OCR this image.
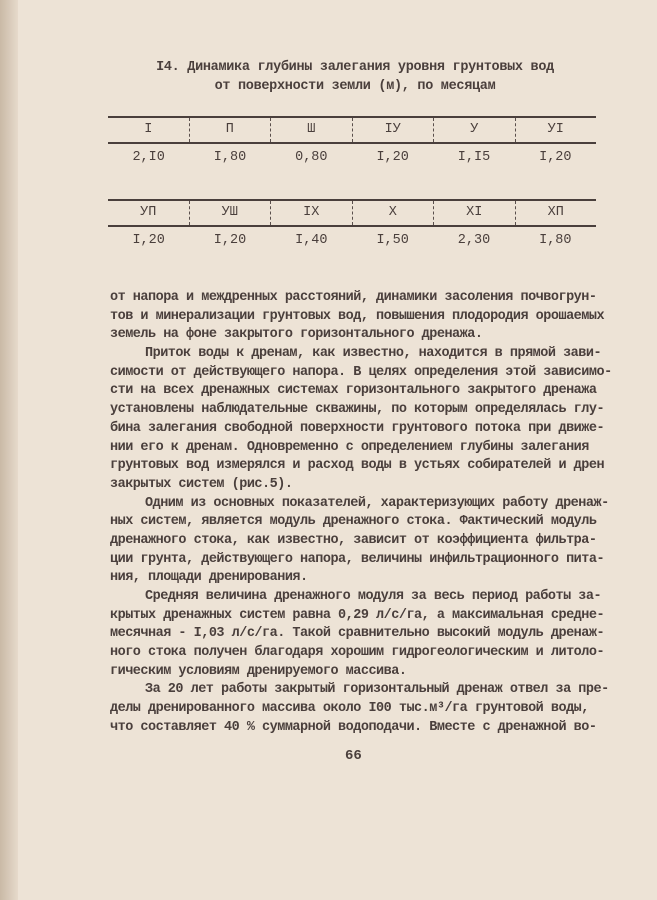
I4. Динамика глубины залегания уровня грунтовых вод
от поверхности земли (м), по месяцам
I	П	Ш	IУ	У	УI
2,I0	I,80	0,80	I,20	I,I5	I,20
УП	УШ	IX	X	XI	XП
I,20	I,20	I,40	I,50	2,30	I,80
от напора и междренных расстояний, динамики засоления почвогрун-
тов и минерализации грунтовых вод, повышения плодородия орошаемых
земель на фоне закрытого горизонтального дренажа.
Приток воды к дренам, как известно, находится в прямой зави-
симости от действующего напора. В целях определения этой зависимо-
сти на всех дренажных системах горизонтального закрытого дренажа
установлены наблюдательные скважины, по которым определялась глу-
бина залегания свободной поверхности грунтового потока при движе-
нии его к дренам. Одновременно с определением глубины залегания
грунтовых вод измерялся и расход воды в устьях собирателей и дрен
закрытых систем (рис.5).
Одним из основных показателей, характеризующих работу дренаж-
ных систем, является модуль дренажного стока. Фактический модуль
дренажного стока, как известно, зависит от коэффициента фильтра-
ции грунта, действующего напора, величины инфильтрационного пита-
ния, площади дренирования.
Средняя величина дренажного модуля за весь период работы за-
крытых дренажных систем равна 0,29 л/с/га, а максимальная средне-
месячная - I,03 л/с/га. Такой сравнительно высокий модуль дренаж-
ного стока получен благодаря хорошим гидрогеологическим и литоло-
гическим условиям дренируемого массива.
За 20 лет работы закрытый горизонтальный дренаж отвел за пре-
делы дренированного массива около I00 тыс.м³/га грунтовой воды,
что составляет 40 % суммарной водоподачи. Вместе с дренажной во-
66
